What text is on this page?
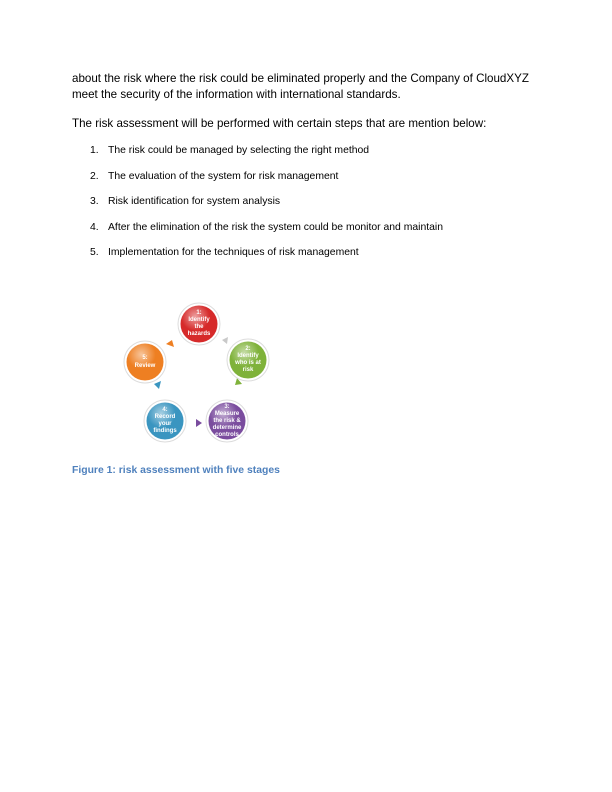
about the risk where the risk could be eliminated properly and the Company of CloudXYZ meet the security of the information with international standards.

The risk assessment will be performed with certain steps that are mention below:

1. The risk could be managed by selecting the right method
2. The evaluation of the system for risk management
3. Risk identification for system analysis
4. After the elimination of the risk the system could be monitor and maintain
5. Implementation for the techniques of risk management
1:
Identify
the
hazards
2:
Identify
who is at
risk
3:
Measure
the risk &
determine
controls
4:
Record
your
findings
5:
Review
Figure 1: risk assessment with five stages
